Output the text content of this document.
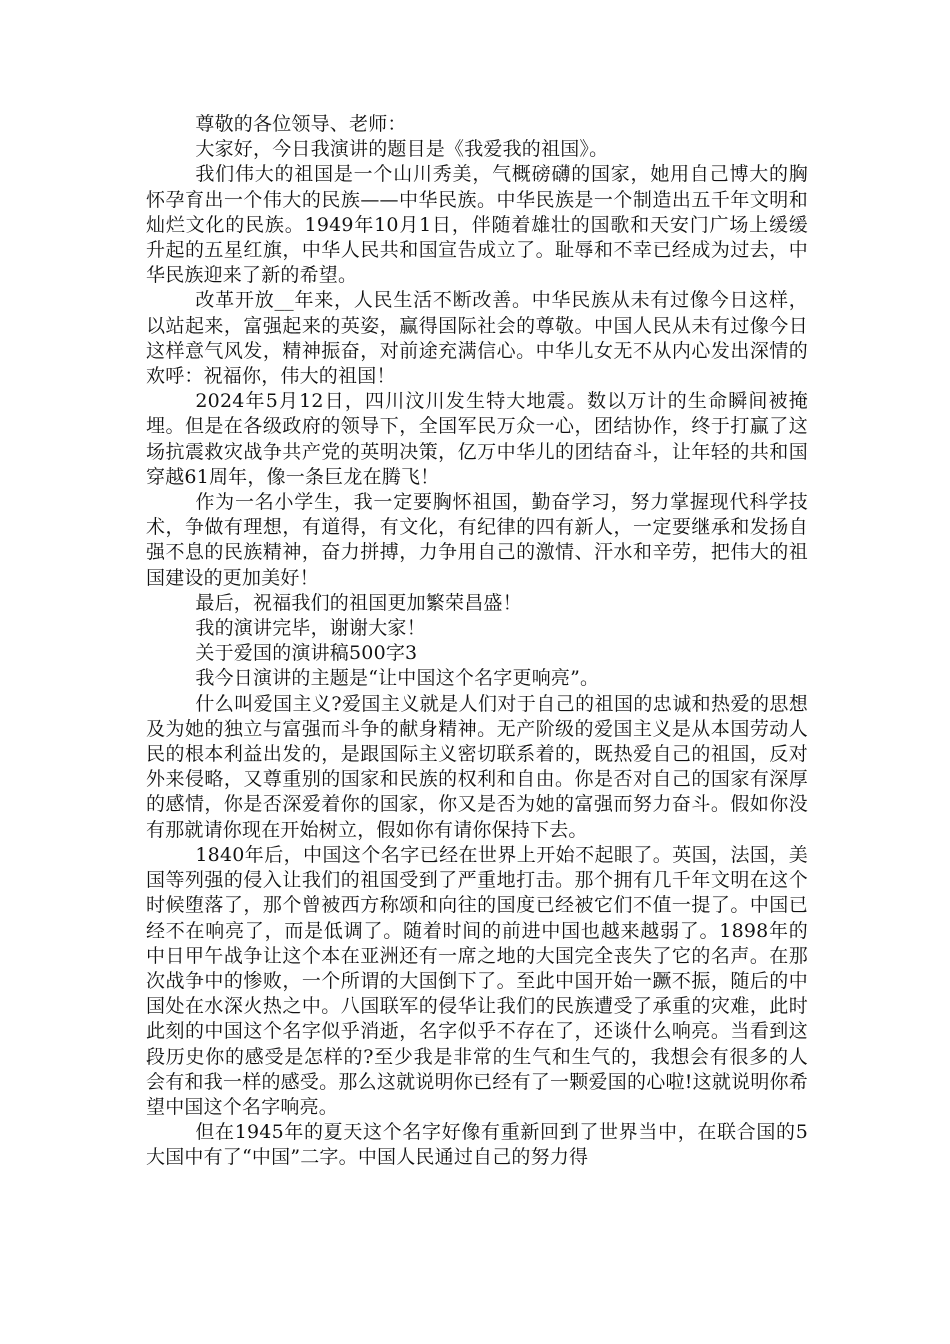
尊敬的各位领导、老师：

大家好，今日我演讲的题目是《我爱我的祖国》。

我们伟大的祖国是一个山川秀美，气概磅礴的国家，她用自己博大的胸怀孕育出一个伟大的民族——中华民族。中华民族是一个制造出五千年文明和灿烂文化的民族。1949年10月1日，伴随着雄壮的国歌和天安门广场上缓缓升起的五星红旗，中华人民共和国宣告成立了。耻辱和不幸已经成为过去，中华民族迎来了新的希望。

改革开放__年来，人民生活不断改善。中华民族从未有过像今日这样，以站起来，富强起来的英姿，赢得国际社会的尊敬。中国人民从未有过像今日这样意气风发，精神振奋，对前途充满信心。中华儿女无不从内心发出深情的欢呼：祝福你，伟大的祖国！

2024年5月12日，四川汶川发生特大地震。数以万计的生命瞬间被掩埋。但是在各级政府的领导下，全国军民万众一心，团结协作，终于打赢了这场抗震救灾战争共产党的英明决策，亿万中华儿的团结奋斗，让年轻的共和国穿越61周年，像一条巨龙在腾飞！

作为一名小学生，我一定要胸怀祖国，勤奋学习，努力掌握现代科学技术，争做有理想，有道得，有文化，有纪律的四有新人，一定要继承和发扬自强不息的民族精神，奋力拼搏，力争用自己的激情、汗水和辛劳，把伟大的祖国建设的更加美好！

最后，祝福我们的祖国更加繁荣昌盛！

我的演讲完毕，谢谢大家！

关于爱国的演讲稿500字3

我今日演讲的主题是“让中国这个名字更响亮”。

什么叫爱国主义?爱国主义就是人们对于自己的祖国的忠诚和热爱的思想及为她的独立与富强而斗争的献身精神。无产阶级的爱国主义是从本国劳动人民的根本利益出发的，是跟国际主义密切联系着的，既热爱自己的祖国，反对外来侵略，又尊重别的国家和民族的权利和自由。你是否对自己的国家有深厚的感情，你是否深爱着你的国家，你又是否为她的富强而努力奋斗。假如你没有那就请你现在开始树立，假如你有请你保持下去。

1840年后，中国这个名字已经在世界上开始不起眼了。英国，法国，美国等列强的侵入让我们的祖国受到了严重地打击。那个拥有几千年文明在这个时候堕落了，那个曾被西方称颂和向往的国度已经被它们不值一提了。中国已经不在响亮了，而是低调了。随着时间的前进中国也越来越弱了。1898年的中日甲午战争让这个本在亚洲还有一席之地的大国完全丧失了它的名声。在那次战争中的惨败，一个所谓的大国倒下了。至此中国开始一蹶不振，随后的中国处在水深火热之中。八国联军的侵华让我们的民族遭受了承重的灾难，此时此刻的中国这个名字似乎消逝，名字似乎不存在了，还谈什么响亮。当看到这段历史你的感受是怎样的?至少我是非常的生气和生气的，我想会有很多的人会有和我一样的感受。那么这就说明你已经有了一颗爱国的心啦!这就说明你希望中国这个名字响亮。

但在1945年的夏天这个名字好像有重新回到了世界当中，在联合国的5大国中有了“中国”二字。中国人民通过自己的努力得
